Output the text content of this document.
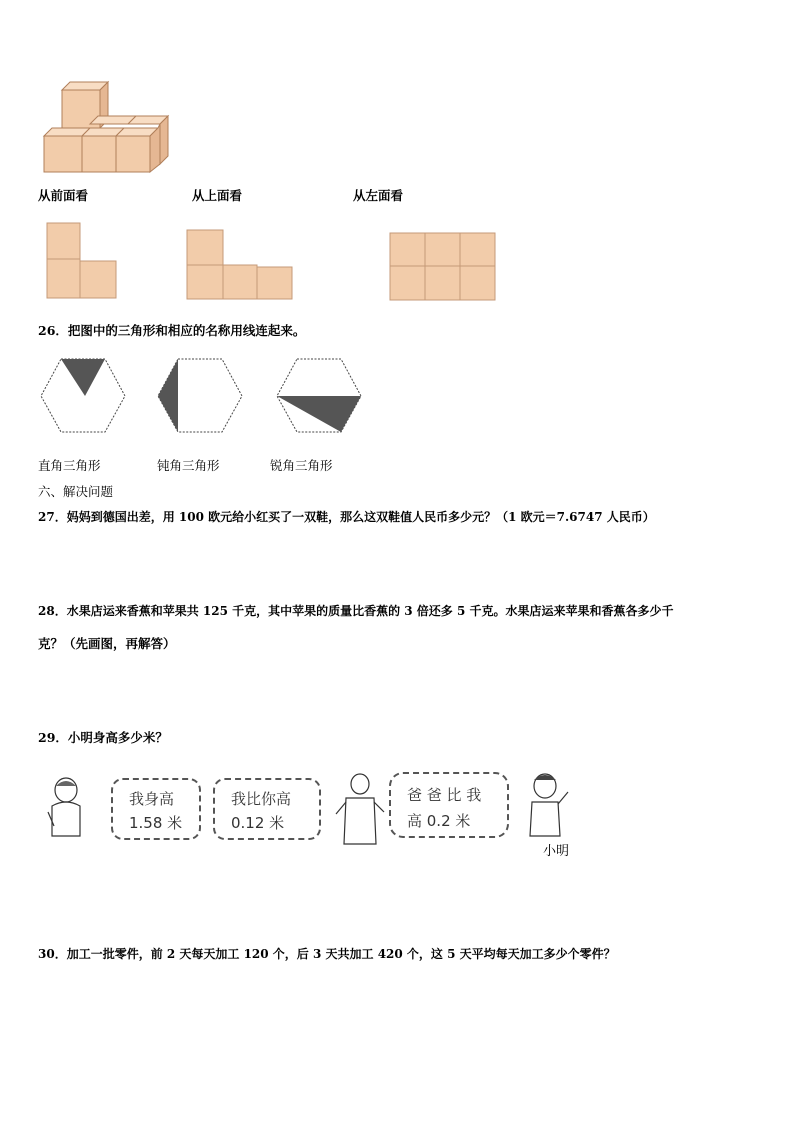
从前面看	从上面看	从左面看
26．把图中的三角形和相应的名称用线连起来。
直角三角形	钝角三角形	锐角三角形
六、解决问题
27．妈妈到德国出差，用 100 欧元给小红买了一双鞋，那么这双鞋值人民币多少元？（1 欧元＝7.6747 人民币）
28．水果店运来香蕉和苹果共 125 千克，其中苹果的质量比香蕉的 3 倍还多 5 千克。水果店运来苹果和香蕉各多少千
克？（先画图，再解答）
29．小明身高多少米？
我身高
1.58 米
我比你高
0.12 米
爸 爸 比 我
高 0.2 米
小明
30．加工一批零件，前 2 天每天加工 120 个，后 3 天共加工 420 个，这 5 天平均每天加工多少个零件？
